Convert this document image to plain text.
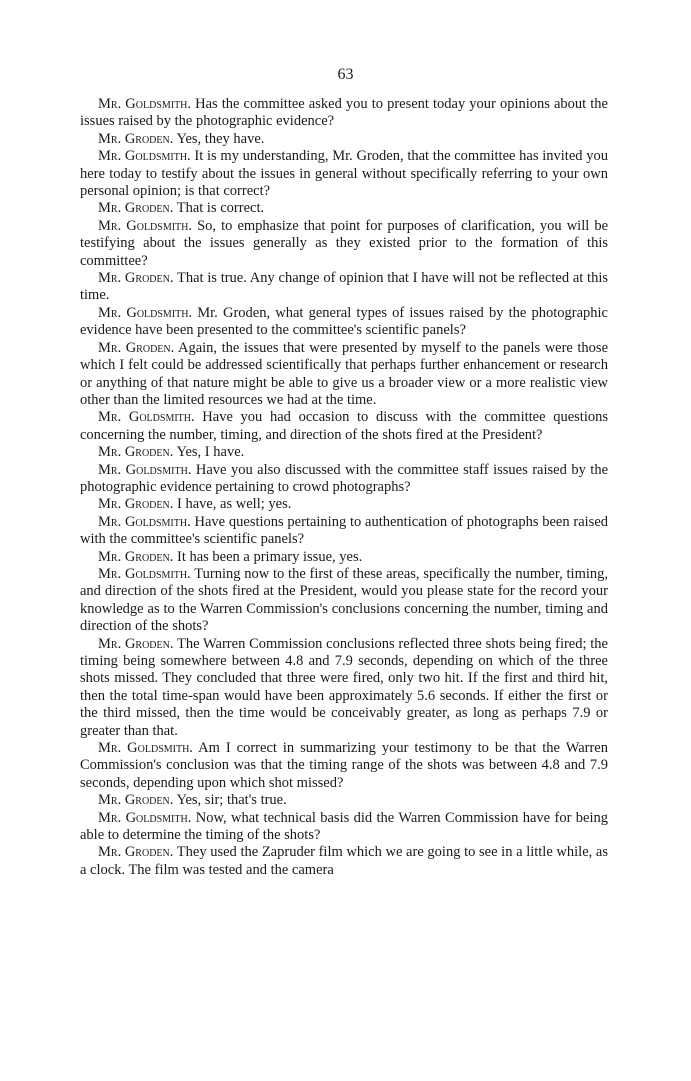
63

Mr. Goldsmith. Has the committee asked you to present today your opinions about the issues raised by the photographic evidence?

Mr. Groden. Yes, they have.

Mr. Goldsmith. It is my understanding, Mr. Groden, that the committee has invited you here today to testify about the issues in general without specifically referring to your own personal opinion; is that correct?

Mr. Groden. That is correct.

Mr. Goldsmith. So, to emphasize that point for purposes of clarification, you will be testifying about the issues generally as they existed prior to the formation of this committee?

Mr. Groden. That is true. Any change of opinion that I have will not be reflected at this time.

Mr. Goldsmith. Mr. Groden, what general types of issues raised by the photographic evidence have been presented to the committee's scientific panels?

Mr. Groden. Again, the issues that were presented by myself to the panels were those which I felt could be addressed scientifically that perhaps further enhancement or research or anything of that nature might be able to give us a broader view or a more realistic view other than the limited resources we had at the time.

Mr. Goldsmith. Have you had occasion to discuss with the committee questions concerning the number, timing, and direction of the shots fired at the President?

Mr. Groden. Yes, I have.

Mr. Goldsmith. Have you also discussed with the committee staff issues raised by the photographic evidence pertaining to crowd photographs?

Mr. Groden. I have, as well; yes.

Mr. Goldsmith. Have questions pertaining to authentication of photographs been raised with the committee's scientific panels?

Mr. Groden. It has been a primary issue, yes.

Mr. Goldsmith. Turning now to the first of these areas, specifically the number, timing, and direction of the shots fired at the President, would you please state for the record your knowledge as to the Warren Commission's conclusions concerning the number, timing and direction of the shots?

Mr. Groden. The Warren Commission conclusions reflected three shots being fired; the timing being somewhere between 4.8 and 7.9 seconds, depending on which of the three shots missed. They concluded that three were fired, only two hit. If the first and third hit, then the total time-span would have been approximately 5.6 seconds. If either the first or the third missed, then the time would be conceivably greater, as long as perhaps 7.9 or greater than that.

Mr. Goldsmith. Am I correct in summarizing your testimony to be that the Warren Commission's conclusion was that the timing range of the shots was between 4.8 and 7.9 seconds, depending upon which shot missed?

Mr. Groden. Yes, sir; that's true.

Mr. Goldsmith. Now, what technical basis did the Warren Commission have for being able to determine the timing of the shots?

Mr. Groden. They used the Zapruder film which we are going to see in a little while, as a clock. The film was tested and the camera
